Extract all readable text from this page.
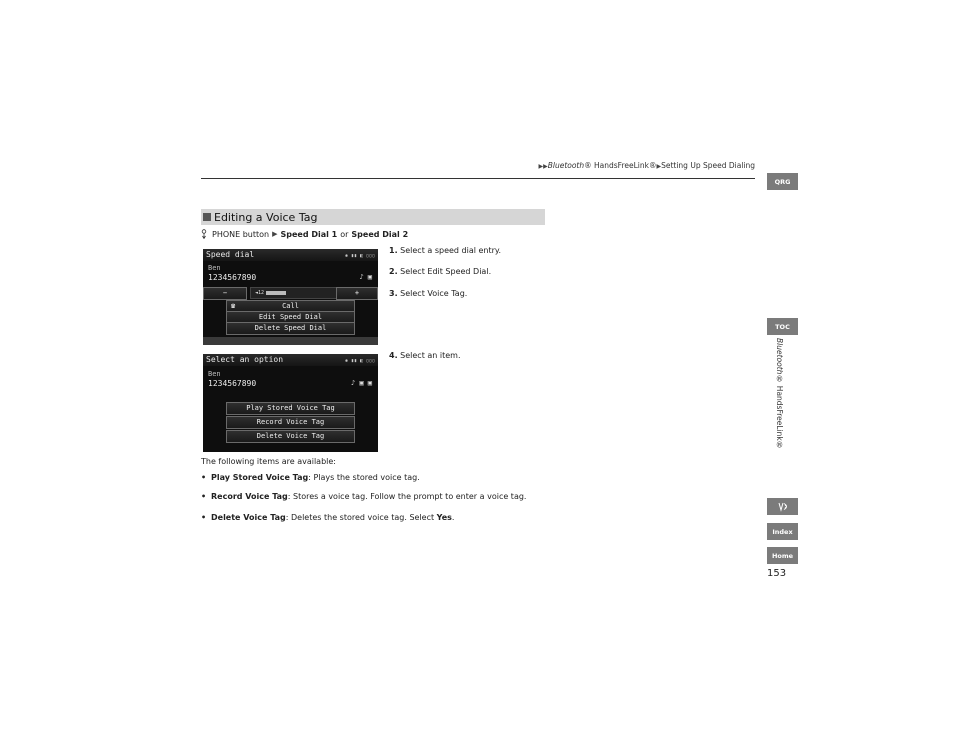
▶▶Bluetooth® HandsFreeLink®▶Setting Up Speed Dialing
QRG
TOC
Bluetooth® HandsFreeLink®
Index
Home
153
Editing a Voice Tag
PHONE button ▶ Speed Dial 1 or Speed Dial 2
Speed dial	✱ ▮▮ ◧ ▯▯▯
Ben
1234567890	♪ ▣
−	◄12	+
☎	Call
Edit Speed Dial
Delete Speed Dial
Select an option	✱ ▮▮ ◧ ▯▯▯
Ben
1234567890	♪ ▣ ▣
Play Stored Voice Tag
Record Voice Tag
Delete Voice Tag
1. Select a speed dial entry.
2. Select Edit Speed Dial.
3. Select Voice Tag.
4. Select an item.
The following items are available:
• Play Stored Voice Tag: Plays the stored voice tag.
• Record Voice Tag: Stores a voice tag. Follow the prompt to enter a voice tag.
• Delete Voice Tag: Deletes the stored voice tag. Select Yes.
